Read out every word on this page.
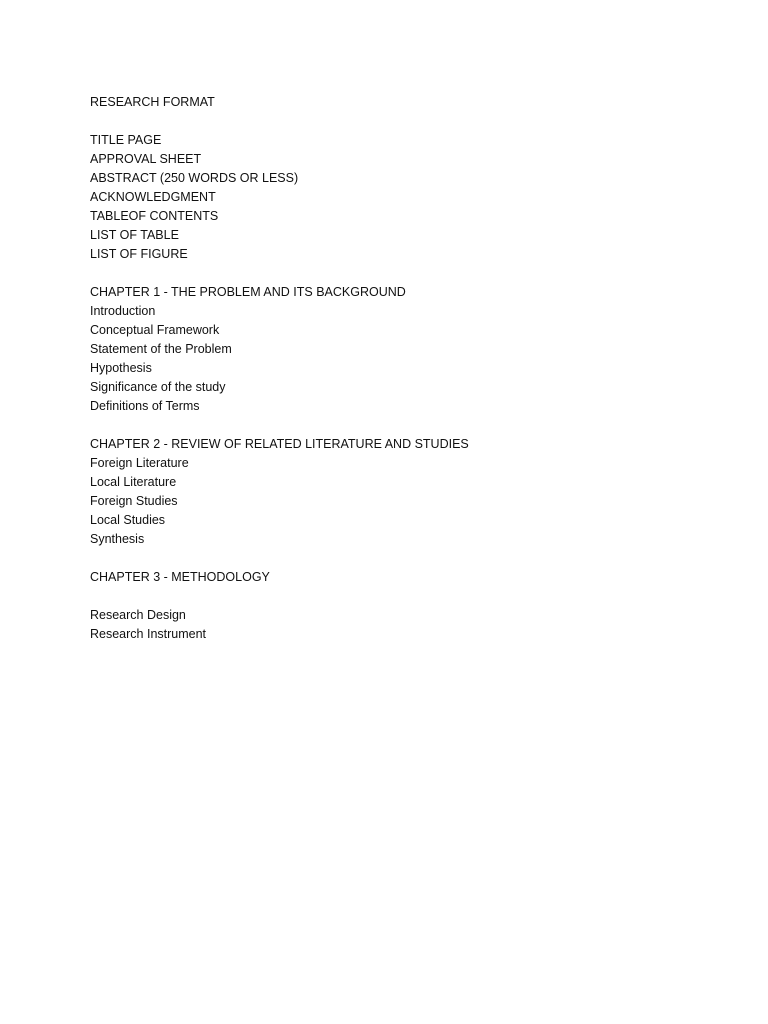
RESEARCH FORMAT
TITLE PAGE
APPROVAL SHEET
ABSTRACT (250 WORDS OR LESS)
ACKNOWLEDGMENT
TABLEOF CONTENTS
LIST OF TABLE
LIST OF FIGURE
CHAPTER 1 - THE PROBLEM AND ITS BACKGROUND
Introduction
Conceptual Framework
Statement of the Problem
Hypothesis
Significance of the study
Definitions of Terms
CHAPTER 2 - REVIEW OF RELATED LITERATURE AND STUDIES
Foreign Literature
Local Literature
Foreign Studies
Local Studies
Synthesis
CHAPTER 3 - METHODOLOGY
Research Design
Research Instrument
